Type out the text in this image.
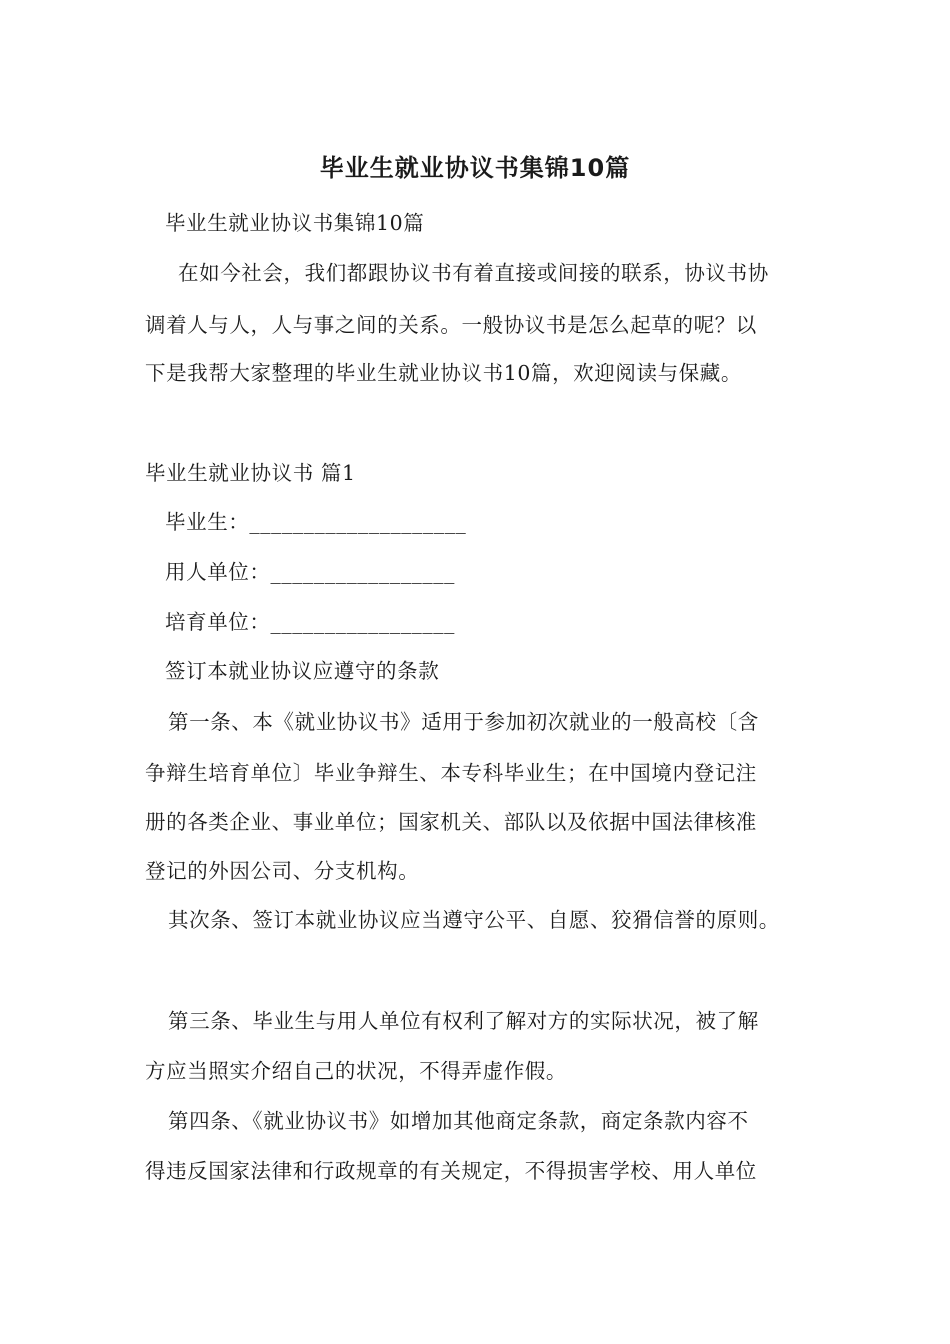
毕业生就业协议书集锦10篇
毕业生就业协议书集锦10篇
在如今社会，我们都跟协议书有着直接或间接的联系，协议书协
调着人与人，人与事之间的关系。一般协议书是怎么起草的呢？以
下是我帮大家整理的毕业生就业协议书10篇，欢迎阅读与保藏。
毕业生就业协议书 篇1
毕业生：____________________
用人单位：_________________
培育单位：_________________
签订本就业协议应遵守的条款
第一条、本《就业协议书》适用于参加初次就业的一般高校〔含
争辩生培育单位〕毕业争辩生、本专科毕业生；在中国境内登记注
册的各类企业、事业单位；国家机关、部队以及依据中国法律核准
登记的外因公司、分支机构。
其次条、签订本就业协议应当遵守公平、自愿、狡猾信誉的原则。
第三条、毕业生与用人单位有权利了解对方的实际状况，被了解
方应当照实介绍自己的状况，不得弄虚作假。
第四条、《就业协议书》如增加其他商定条款，商定条款内容不
得违反国家法律和行政规章的有关规定，不得损害学校、用人单位
